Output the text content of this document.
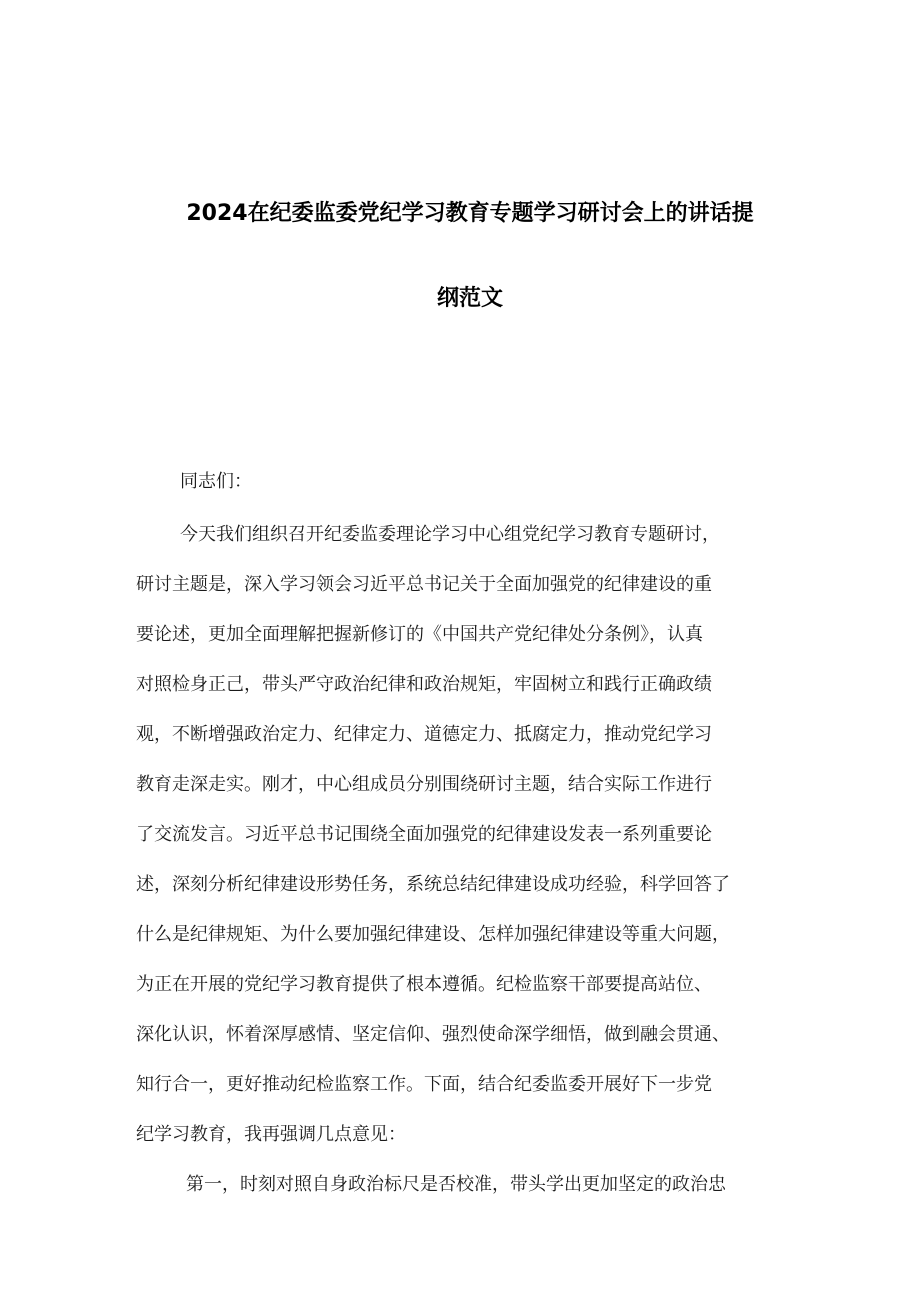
2024在纪委监委党纪学习教育专题学习研讨会上的讲话提
纲范文

同志们：

今天我们组织召开纪委监委理论学习中心组党纪学习教育专题研讨，

研讨主题是，深入学习领会习近平总书记关于全面加强党的纪律建设的重

要论述，更加全面理解把握新修订的《中国共产党纪律处分条例》，认真

对照检身正己，带头严守政治纪律和政治规矩，牢固树立和践行正确政绩

观，不断增强政治定力、纪律定力、道德定力、抵腐定力，推动党纪学习

教育走深走实。刚才，中心组成员分别围绕研讨主题，结合实际工作进行

了交流发言。习近平总书记围绕全面加强党的纪律建设发表一系列重要论

述，深刻分析纪律建设形势任务，系统总结纪律建设成功经验，科学回答了

什么是纪律规矩、为什么要加强纪律建设、怎样加强纪律建设等重大问题，

为正在开展的党纪学习教育提供了根本遵循。纪检监察干部要提高站位、

深化认识，怀着深厚感情、坚定信仰、强烈使命深学细悟，做到融会贯通、

知行合一，更好推动纪检监察工作。下面，结合纪委监委开展好下一步党

纪学习教育，我再强调几点意见：

第一，时刻对照自身政治标尺是否校准，带头学出更加坚定的政治忠
